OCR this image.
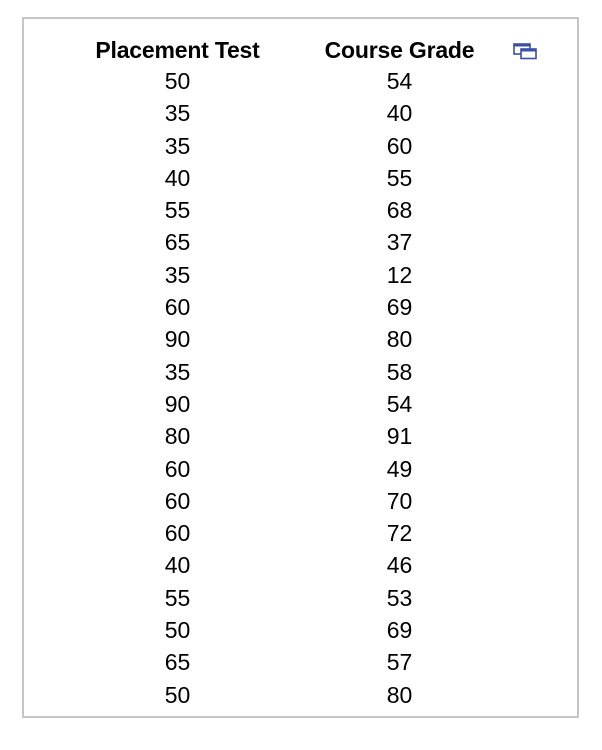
Placement Test	Course Grade
50	54
35	40
35	60
40	55
55	68
65	37
35	12
60	69
90	80
35	58
90	54
80	91
60	49
60	70
60	72
40	46
55	53
50	69
65	57
50	80
